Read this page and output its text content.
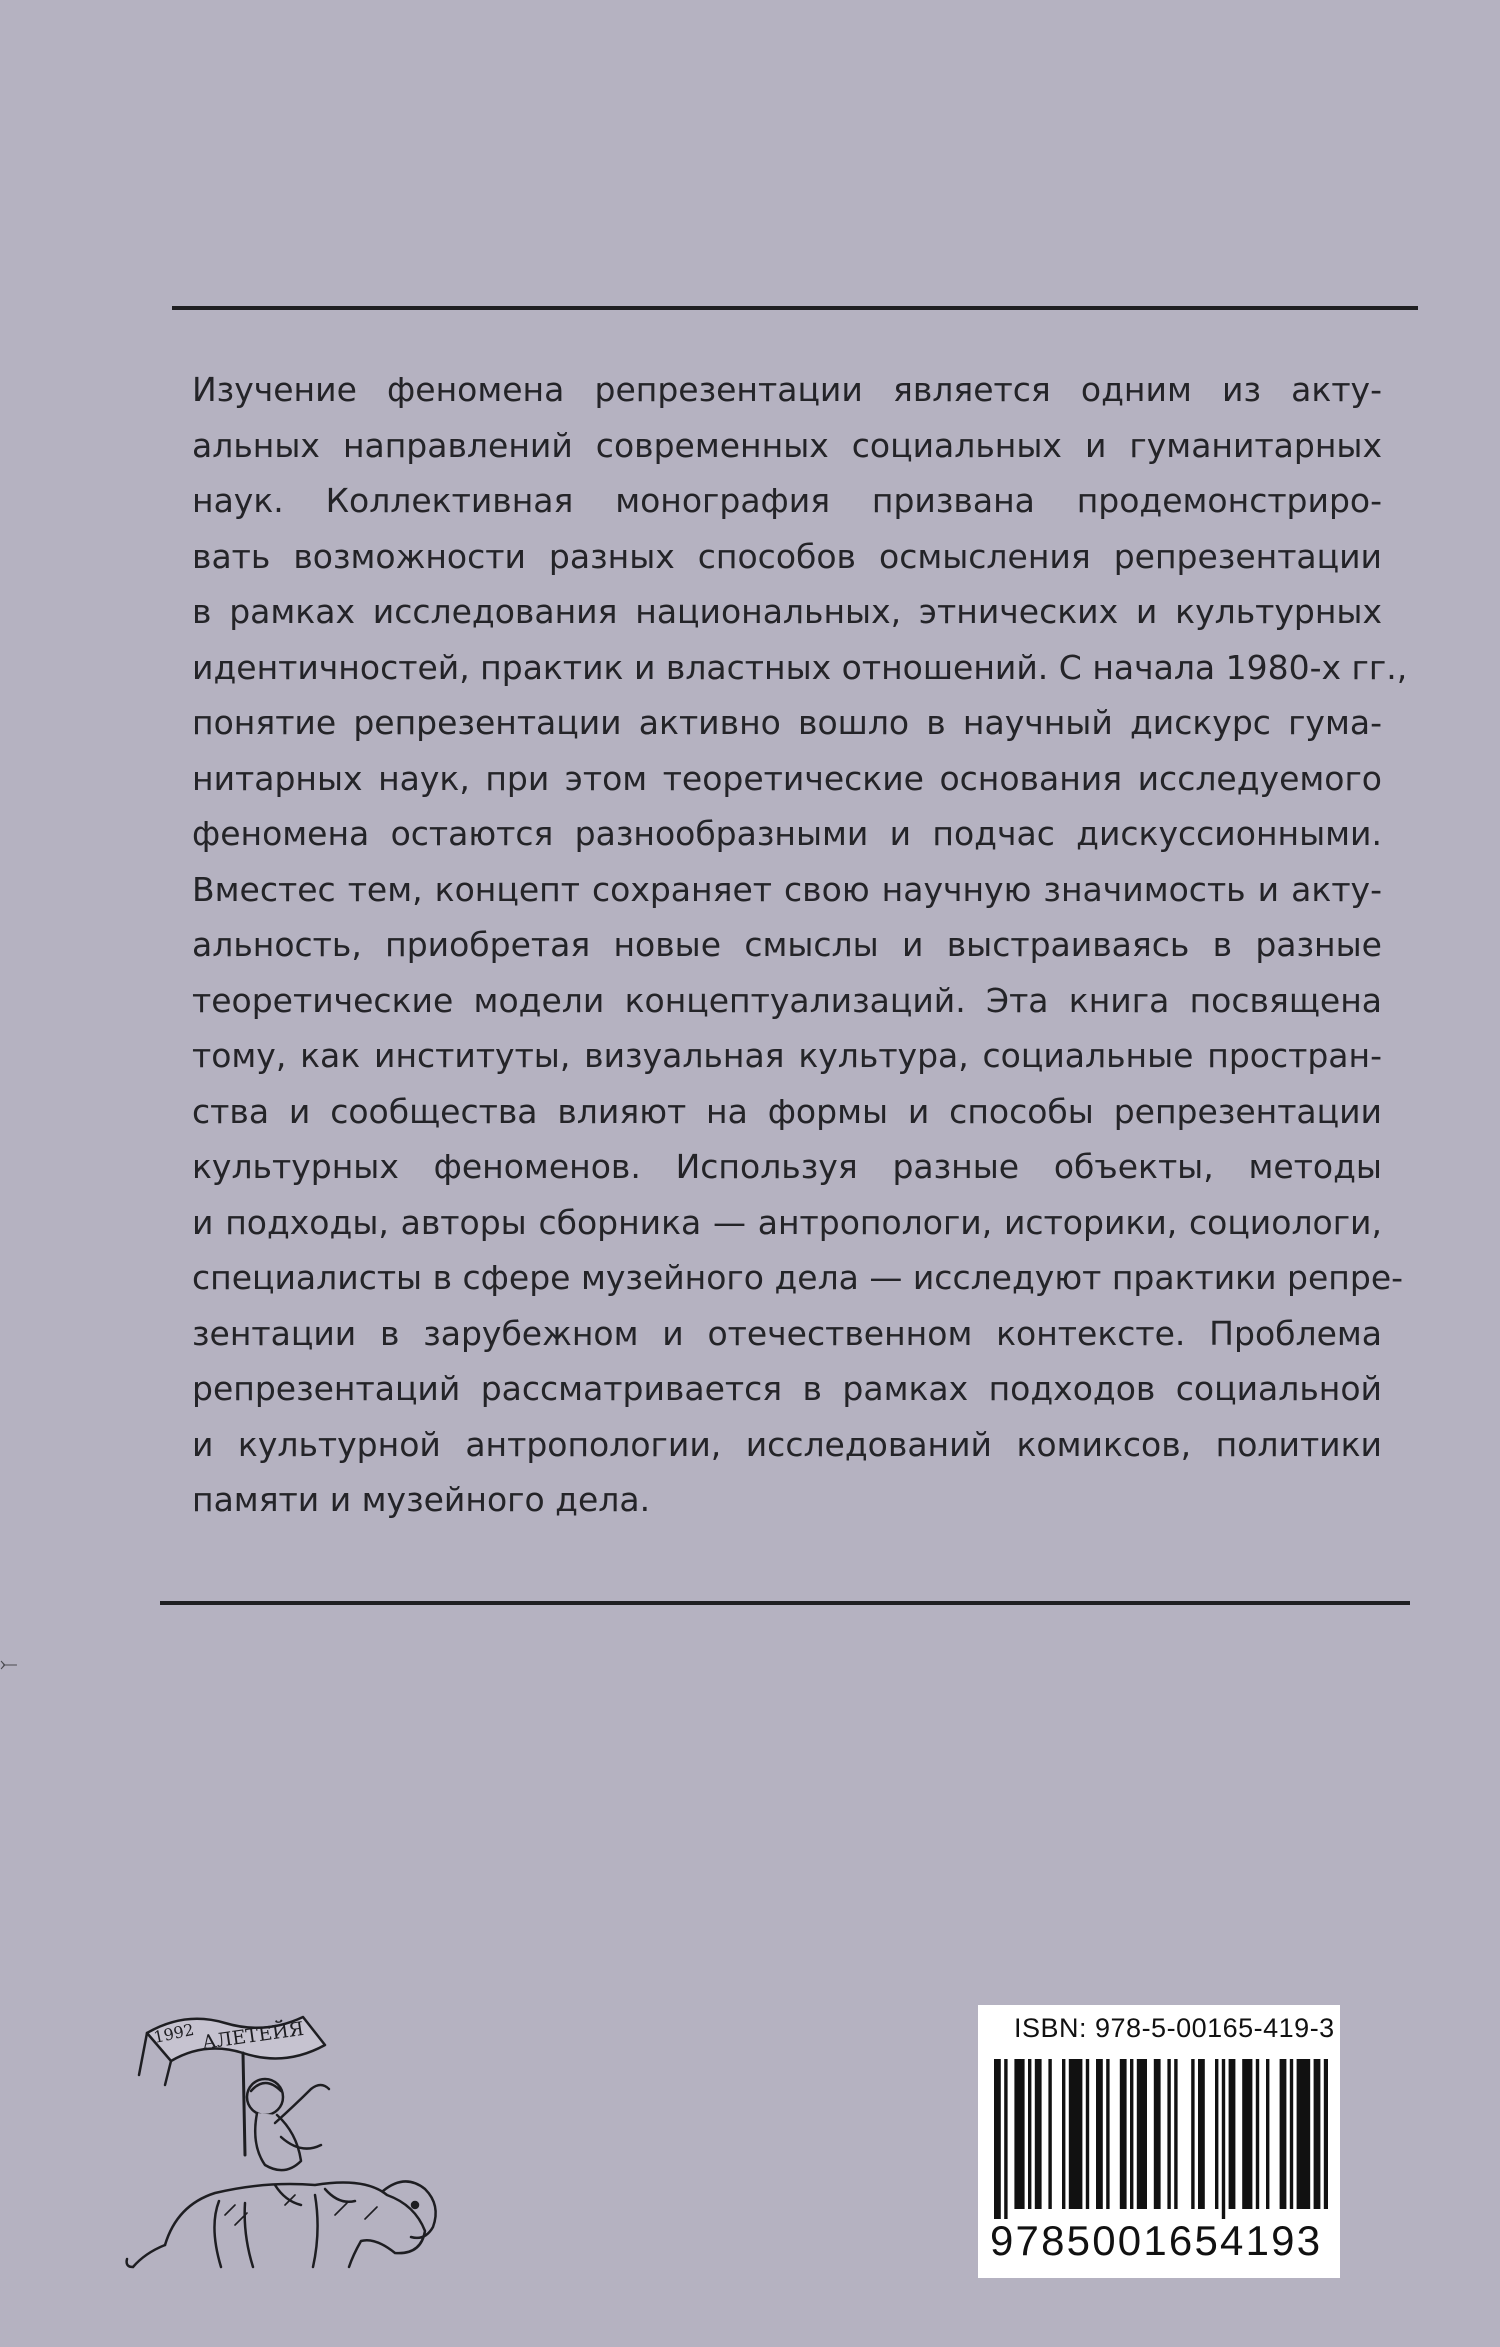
Изучение феномена репрезентации является одним из акту-
альных направлений современных социальных и гуманитарных
наук. Коллективная монография призвана продемонстриро-
вать возможности разных способов осмысления репрезентации
в рамках исследования национальных, этнических и культурных
идентичностей, практик и властных отношений. С начала 1980-х гг.,
понятие репрезентации активно вошло в научный дискурс гума-
нитарных наук, при этом теоретические основания исследуемого
феномена остаются разнообразными и подчас дискуссионными.
Вместес тем, концепт сохраняет свою научную значимость и акту-
альность, приобретая новые смыслы и выстраиваясь в разные
теоретические модели концептуализаций. Эта книга посвящена
тому, как институты, визуальная культура, социальные простран-
ства и сообщества влияют на формы и способы репрезентации
культурных феноменов. Используя разные объекты, методы
и подходы, авторы сборника — антропологи, историки, социологи,
специалисты в сфере музейного дела — исследуют практики репре-
зентации в зарубежном и отечественном контексте. Проблема
репрезентаций рассматривается в рамках подходов социальной
и культурной антропологии, исследований комиксов, политики
памяти и музейного дела.
⤚
1992 АЛЕТЕЙЯ	ISBN: 978-5-00165-419-3
9785001654193
